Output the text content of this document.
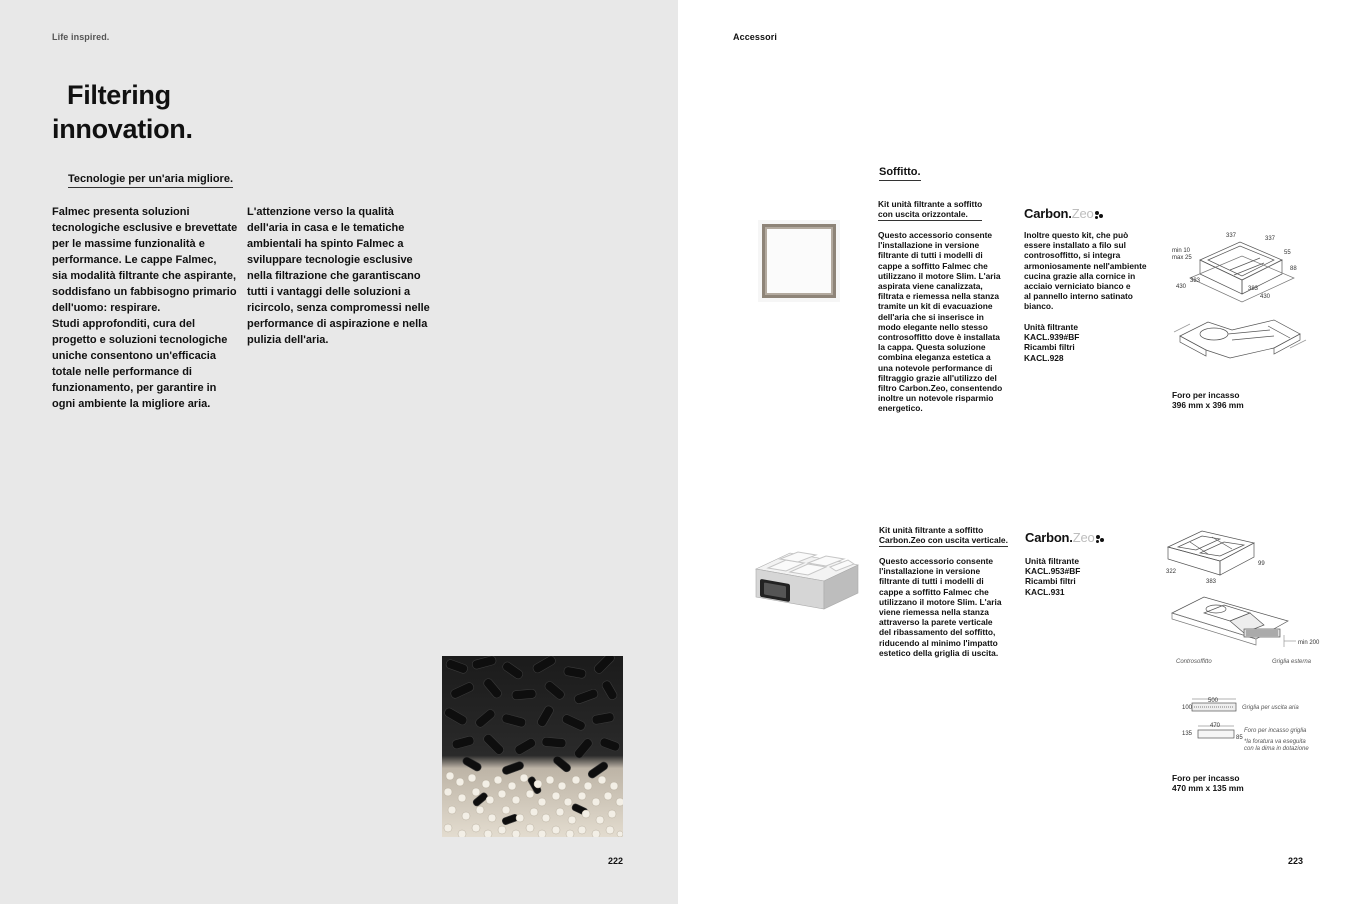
Life inspired.
Filtering
innovation.
Tecnologie per un'aria migliore.
Falmec presenta soluzioni
tecnologiche esclusive e brevettate
per le massime funzionalità e
performance. Le cappe Falmec,
sia modalità filtrante che aspirante,
soddisfano un fabbisogno primario
dell'uomo: respirare.
Studi approfonditi, cura del
progetto e soluzioni tecnologiche
uniche consentono un'efficacia
totale nelle performance di
funzionamento, per garantire in
ogni ambiente la migliore aria.
L'attenzione verso la qualità
dell'aria in casa e le tematiche
ambientali ha spinto Falmec a
sviluppare tecnologie esclusive
nella filtrazione che garantiscano
tutti i vantaggi delle soluzioni a
ricircolo, senza compromessi nelle
performance di aspirazione e nella
pulizia dell'aria.
222
Accessori
Soffitto.
Kit unità filtrante a soffitto
con uscita orizzontale.
Questo accessorio consente
l'installazione in versione
filtrante di tutti i modelli di
cappe a soffitto Falmec che
utilizzano il motore Slim. L'aria
aspirata viene canalizzata,
filtrata e riemessa nella stanza
tramite un kit di evacuazione
dell'aria che si inserisce in
modo elegante nello stesso
controsoffitto dove è installata
la cappa. Questa soluzione
combina eleganza estetica a
una notevole performance di
filtraggio grazie all'utilizzo del
filtro Carbon.Zeo, consentendo
inoltre un notevole risparmio
energetico.
Carbon.Zeo
Inoltre questo kit, che può
essere installato a filo sul
controsoffitto, si integra
armoniosamente nell'ambiente
cucina grazie alla cornice in
acciaio verniciato bianco e
al pannello interno satinato
bianco.
Unità filtrante
KACL.939#BF
Ricambi filtri
KACL.928
337	337
min 10
max 25
55
88
383
430	383
430
Foro per incasso
396 mm x 396 mm
Kit unità filtrante a soffitto
Carbon.Zeo con uscita verticale.
Questo accessorio consente
l'installazione in versione
filtrante di tutti i modelli di
cappe a soffitto Falmec che
utilizzano il motore Slim. L'aria
viene riemessa nella stanza
attraverso la parete verticale
del ribassamento del soffitto,
riducendo al minimo l'impatto
estetico della griglia di uscita.
Carbon.Zeo
Unità filtrante
KACL.953#BF
Ricambi filtri
KACL.931
322
383
99
min 200
Controsoffitto	Griglia esterna
500
100	Griglia per uscita aria
470
135
85
Foro per incasso griglia
*la foratura va eseguita
con la dima in dotazione
Foro per incasso
470 mm x 135 mm
223
